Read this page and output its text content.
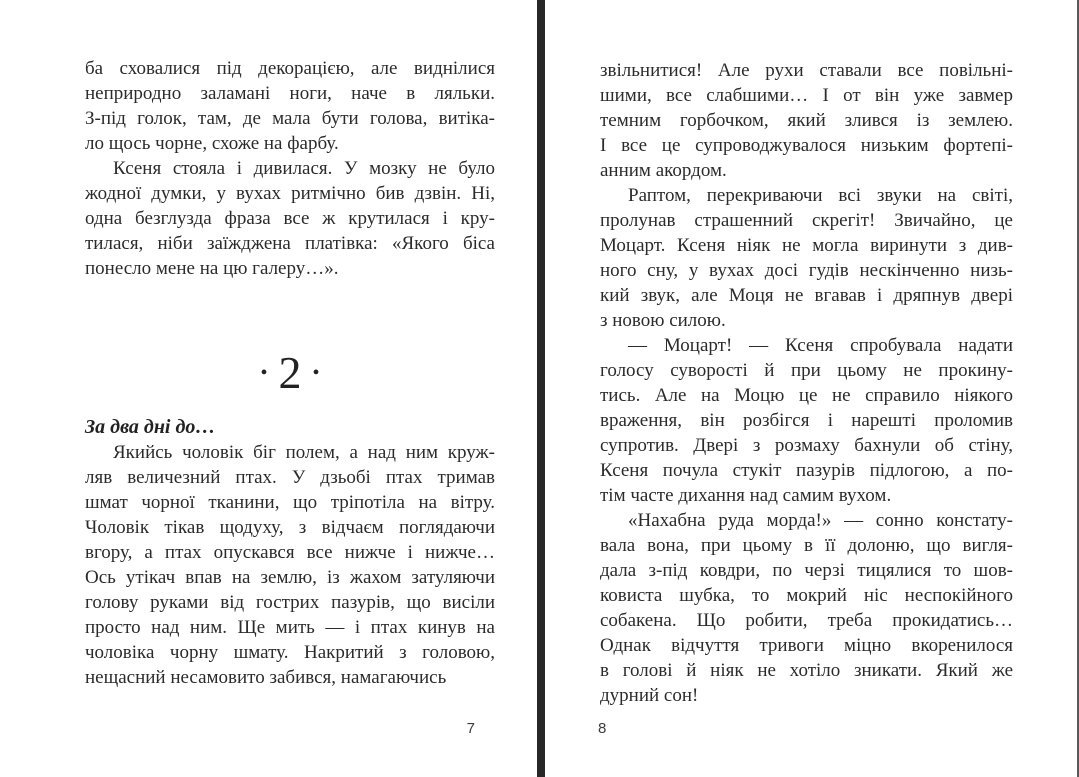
ба сховалися під декорацією, але виднілися
неприродно заламані ноги, наче в ляльки.
З-під голок, там, де мала бути голова, витіка-
ло щось чорне, схоже на фарбу.
Ксеня стояла і дивилася. У мозку не було
жодної думки, у вухах ритмічно бив дзвін. Ні,
одна безглузда фраза все ж крутилася і кру-
тилася, ніби заїжджена платівка: «Якого біса
понесло мене на цю галеру…».
• 2 •
За два дні до…
Якийсь чоловік біг полем, а над ним круж-
ляв величезний птах. У дзьобі птах тримав
шмат чорної тканини, що тріпотіла на вітру.
Чоловік тікав щодуху, з відчаєм поглядаючи
вгору, а птах опускався все нижче і нижче…
Ось утікач впав на землю, із жахом затуляючи
голову руками від гострих пазурів, що висіли
просто над ним. Ще мить — і птах кинув на
чоловіка чорну шмату. Накритий з головою,
нещасний несамовито забився, намагаючись
звільнитися! Але рухи ставали все повільні-
шими, все слабшими… І от він уже завмер
темним горбочком, який злився із землею.
І все це супроводжувалося низьким фортепі-
анним акордом.
Раптом, перекриваючи всі звуки на світі,
пролунав страшенний скрегіт! Звичайно, це
Моцарт. Ксеня ніяк не могла виринути з див-
ного сну, у вухах досі гудів нескінченно низь-
кий звук, але Моця не вгавав і дряпнув двері
з новою силою.
— Моцарт! — Ксеня спробувала надати
голосу суворості й при цьому не прокину-
тись. Але на Моцю це не справило ніякого
враження, він розбігся і нарешті проломив
супротив. Двері з розмаху бахнули об стіну,
Ксеня почула стукіт пазурів підлогою, а по-
тім часте дихання над самим вухом.
«Нахабна руда морда!» — сонно констату-
вала вона, при цьому в її долоню, що вигля-
дала з-під ковдри, по черзі тицялися то шов-
ковиста шубка, то мокрий ніс неспокійного
собакена. Що робити, треба прокидатись…
Однак відчуття тривоги міцно вкоренилося
в голові й ніяк не хотіло зникати. Який же
дурний сон!
7	8
